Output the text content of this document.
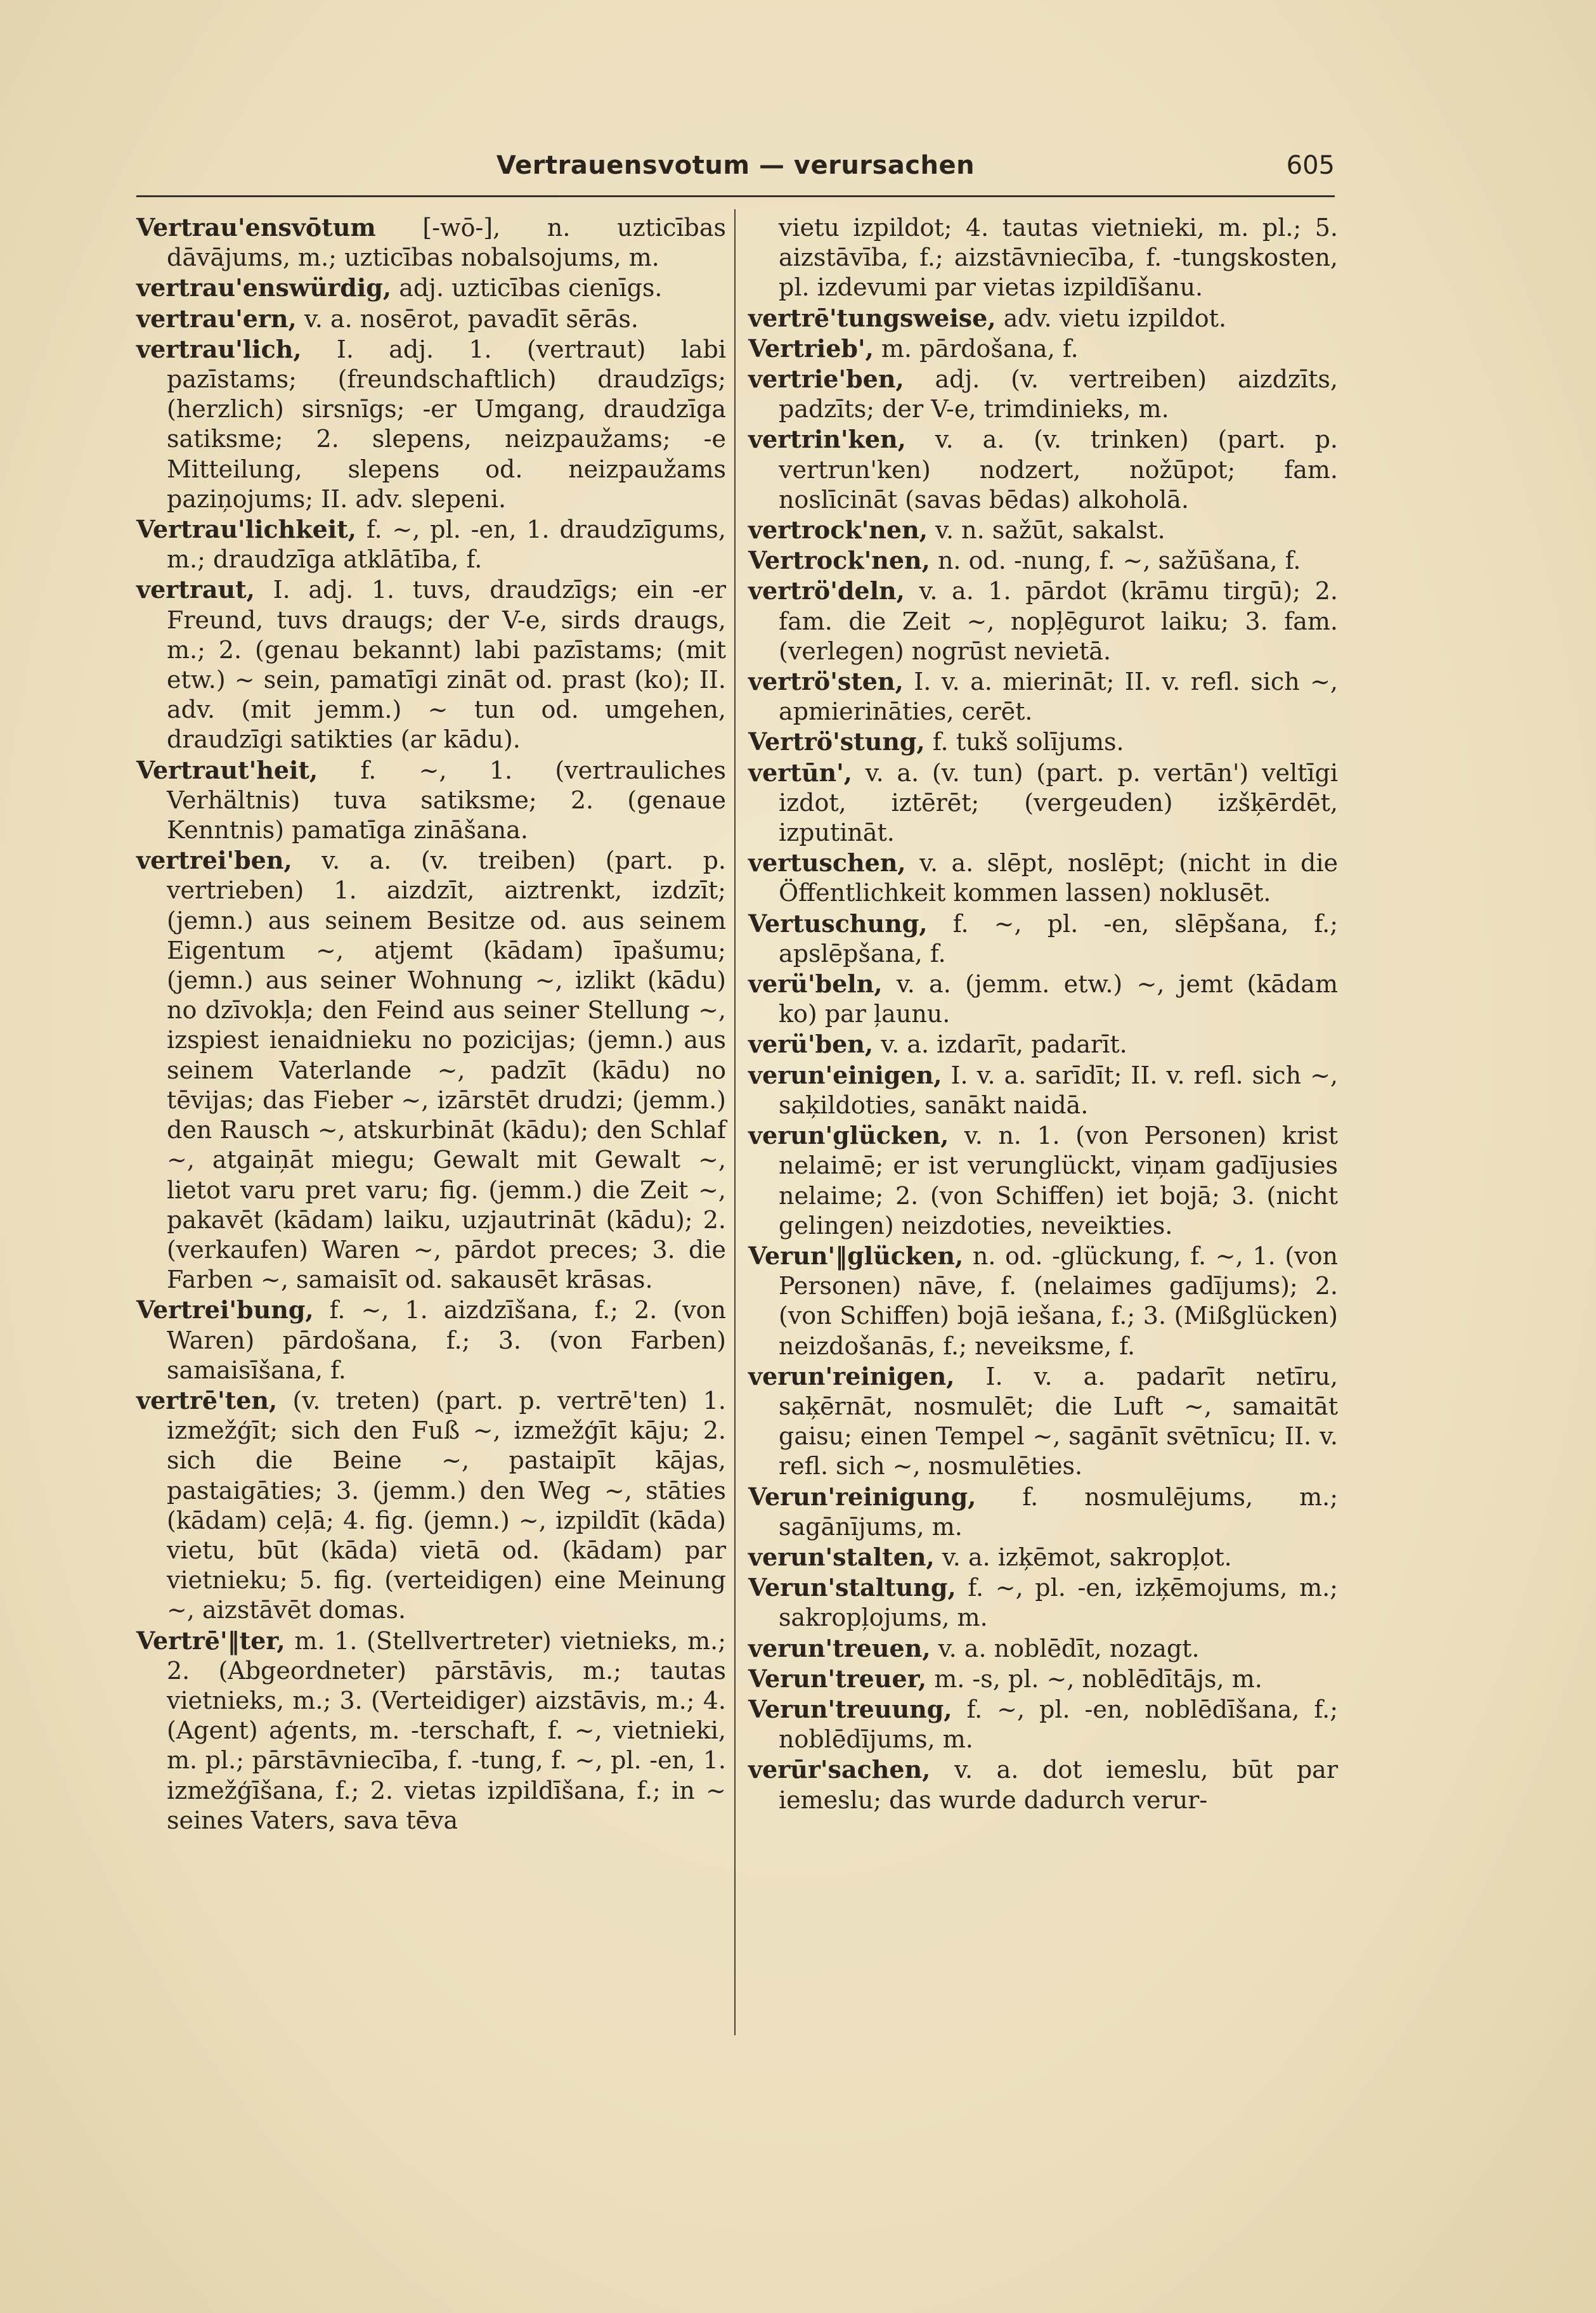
Vertrauensvotum — verursachen	605

Vertrau'ensvōtum [-wō-], n. uzticības dāvājums, m.; uzticības nobalsojums, m.

vertrau'enswürdig, adj. uzticības cienīgs.

vertrau'ern, v. a. nosērot, pavadīt sērās.

vertrau'lich, I. adj. 1. (vertraut) labi pazīstams; (freundschaftlich) draudzīgs; (herzlich) sirsnīgs; -er Umgang, draudzīga satiksme; 2. slepens, neizpaužams; -e Mitteilung, slepens od. neizpaužams paziņojums; II. adv. slepeni.

Vertrau'lichkeit, f. ~, pl. -en, 1. draudzīgums, m.; draudzīga atklātība, f.

vertraut, I. adj. 1. tuvs, draudzīgs; ein -er Freund, tuvs draugs; der V-e, sirds draugs, m.; 2. (genau bekannt) labi pazīstams; (mit etw.) ~ sein, pamatīgi zināt od. prast (ko); II. adv. (mit jemm.) ~ tun od. umgehen, draudzīgi satikties (ar kādu).

Vertraut'heit, f. ~, 1. (vertrauliches Verhältnis) tuva satiksme; 2. (genaue Kenntnis) pamatīga zināšana.

vertrei'ben, v. a. (v. treiben) (part. p. vertrieben) 1. aizdzīt, aiztrenkt, izdzīt; (jemn.) aus seinem Besitze od. aus seinem Eigentum ~, atjemt (kādam) īpašumu; (jemn.) aus seiner Wohnung ~, izlikt (kādu) no dzīvokļa; den Feind aus seiner Stellung ~, izspiest ienaidnieku no pozicijas; (jemn.) aus seinem Vaterlande ~, padzīt (kādu) no tēvijas; das Fieber ~, izārstēt drudzi; (jemm.) den Rausch ~, atskurbināt (kādu); den Schlaf ~, atgaiņāt miegu; Gewalt mit Gewalt ~, lietot varu pret varu; fig. (jemm.) die Zeit ~, pakavēt (kādam) laiku, uzjautrināt (kādu); 2. (verkaufen) Waren ~, pārdot preces; 3. die Farben ~, samaisīt od. sakausēt krāsas.

Vertrei'bung, f. ~, 1. aizdzīšana, f.; 2. (von Waren) pārdošana, f.; 3. (von Farben) samaisīšana, f.

vertrē'ten, (v. treten) (part. p. vertrē'ten) 1. izmežģīt; sich den Fuß ~, izmežģīt kāju; 2. sich die Beine ~, pastaipīt kājas, pastaigāties; 3. (jemm.) den Weg ~, stāties (kādam) ceļā; 4. fig. (jemn.) ~, izpildīt (kāda) vietu, būt (kāda) vietā od. (kādam) par vietnieku; 5. fig. (verteidigen) eine Meinung ~, aizstāvēt domas.

Vertrē'‖ter, m. 1. (Stellvertreter) vietnieks, m.; 2. (Abgeordneter) pārstāvis, m.; tautas vietnieks, m.; 3. (Verteidiger) aizstāvis, m.; 4. (Agent) aģents, m. -terschaft, f. ~, vietnieki, m. pl.; pārstāvniecība, f. -tung, f. ~, pl. -en, 1. izmežģīšana, f.; 2. vietas izpildīšana, f.; in ~ seines Vaters, sava tēva

vietu izpildot; 4. tautas vietnieki, m. pl.; 5. aizstāvība, f.; aizstāvniecība, f. -tungskosten, pl. izdevumi par vietas izpildīšanu.

vertrē'tungsweise, adv. vietu izpildot.

Vertrieb', m. pārdošana, f.

vertrie'ben, adj. (v. vertreiben) aizdzīts, padzīts; der V-e, trimdinieks, m.

vertrin'ken, v. a. (v. trinken) (part. p. vertrun'ken) nodzert, nožūpot; fam. noslīcināt (savas bēdas) alkoholā.

vertrock'nen, v. n. sažūt, sakalst.

Vertrock'nen, n. od. -nung, f. ~, sažūšana, f.

vertrö'deln, v. a. 1. pārdot (krāmu tirgū); 2. fam. die Zeit ~, nopļēgurot laiku; 3. fam. (verlegen) nogrūst nevietā.

vertrö'sten, I. v. a. mierināt; II. v. refl. sich ~, apmierināties, cerēt.

Vertrö'stung, f. tukš solījums.

vertūn', v. a. (v. tun) (part. p. vertān') veltīgi izdot, iztērēt; (vergeuden) izšķērdēt, izputināt.

vertuschen, v. a. slēpt, noslēpt; (nicht in die Öffentlichkeit kommen lassen) noklusēt.

Vertuschung, f. ~, pl. -en, slēpšana, f.; apslēpšana, f.

verü'beln, v. a. (jemm. etw.) ~, jemt (kādam ko) par ļaunu.

verü'ben, v. a. izdarīt, padarīt.

verun'einigen, I. v. a. sarīdīt; II. v. refl. sich ~, saķildoties, sanākt naidā.

verun'glücken, v. n. 1. (von Personen) krist nelaimē; er ist verunglückt, viņam gadījusies nelaime; 2. (von Schiffen) iet bojā; 3. (nicht gelingen) neizdoties, neveikties.

Verun'‖glücken, n. od. -glückung, f. ~, 1. (von Personen) nāve, f. (nelaimes gadījums); 2. (von Schiffen) bojā iešana, f.; 3. (Mißglücken) neizdošanās, f.; neveiksme, f.

verun'reinigen, I. v. a. padarīt netīru, saķērnāt, nosmulēt; die Luft ~, samaitāt gaisu; einen Tempel ~, sagānīt svētnīcu; II. v. refl. sich ~, nosmulēties.

Verun'reinigung, f. nosmulējums, m.; sagānījums, m.

verun'stalten, v. a. izķēmot, sakropļot.

Verun'staltung, f. ~, pl. -en, izķēmojums, m.; sakropļojums, m.

verun'treuen, v. a. noblēdīt, nozagt.

Verun'treuer, m. -s, pl. ~, noblēdītājs, m.

Verun'treuung, f. ~, pl. -en, noblēdīšana, f.; noblēdījums, m.

verūr'sachen, v. a. dot iemeslu, būt par iemeslu; das wurde dadurch verur-
